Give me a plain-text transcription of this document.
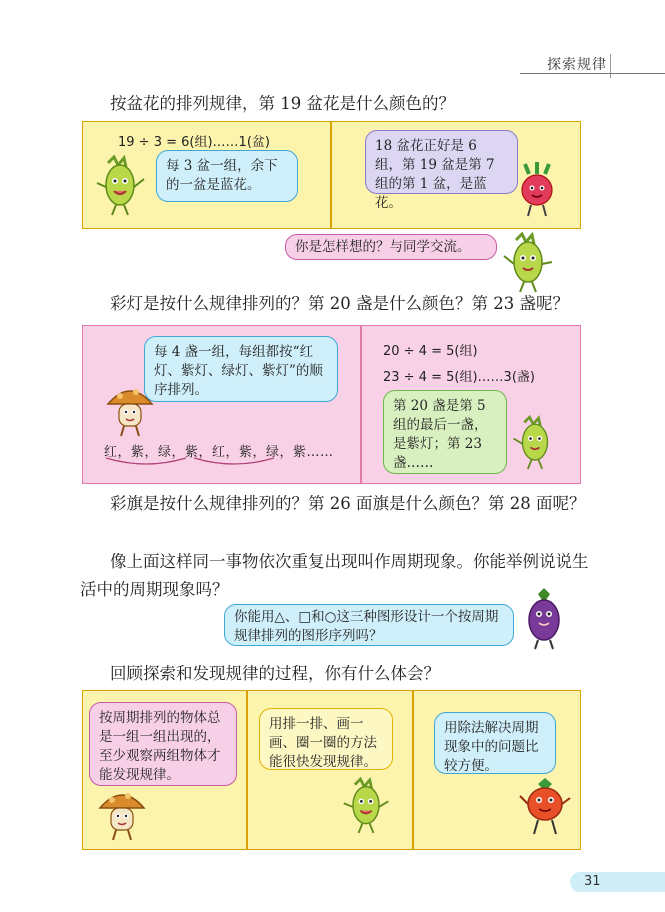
探索规律
按盆花的排列规律，第 19 盆花是什么颜色的？
19 ÷ 3 = 6(组)……1(盆)
每 3 盆一组，余下的一盆是蓝花。
18 盆花正好是 6 组，第 19 盆是第 7 组的第 1 盆，是蓝花。
你是怎样想的？与同学交流。
彩灯是按什么规律排列的？第 20 盏是什么颜色？第 23 盏呢？
每 4 盏一组，每组都按“红灯、紫灯、绿灯、紫灯”的顺序排列。
红，紫，绿，紫，红，紫，绿，紫……
20 ÷ 4 = 5(组)
23 ÷ 4 = 5(组)……3(盏)
第 20 盏是第 5 组的最后一盏，是紫灯；第 23 盏……
彩旗是按什么规律排列的？第 26 面旗是什么颜色？第 28 面呢？
像上面这样同一事物依次重复出现叫作周期现象。你能举例说说生活中的周期现象吗？
你能用△、□和○这三种图形设计一个按周期规律排列的图形序列吗？
回顾探索和发现规律的过程，你有什么体会？
按周期排列的物体总是一组一组出现的，至少观察两组物体才能发现规律。
用排一排、画一画、圈一圈的方法能很快发现规律。
用除法解决周期现象中的问题比较方便。
31
